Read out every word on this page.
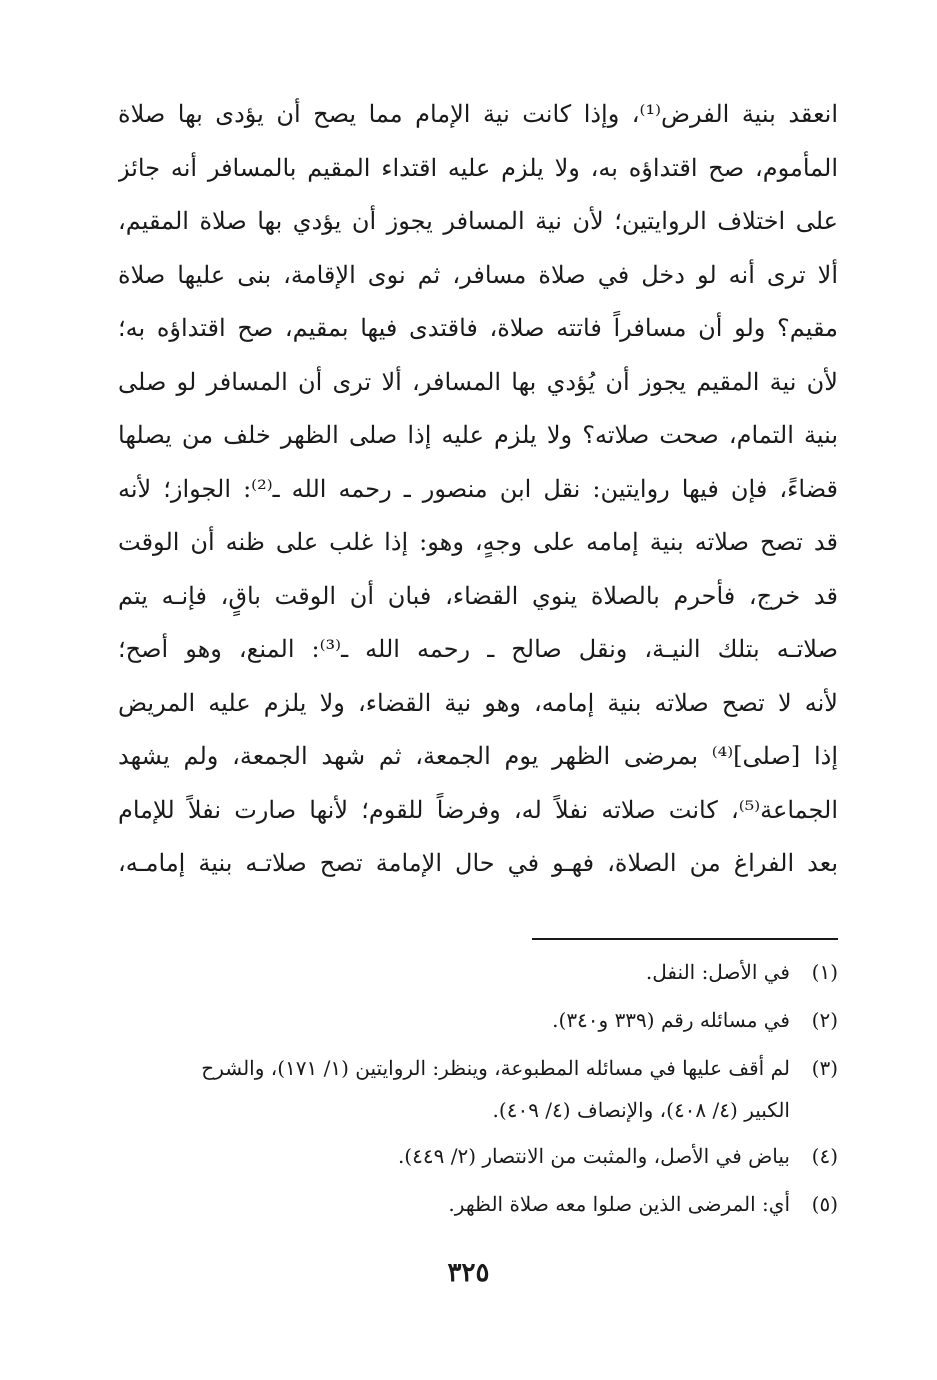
انعقد بنية الفرض⁽¹⁾، وإذا كانت نية الإمام مما يصح أن يؤدى بها صلاة
المأموم، صح اقتداؤه به، ولا يلزم عليه اقتداء المقيم بالمسافر أنه جائز
على اختلاف الروايتين؛ لأن نية المسافر يجوز أن يؤدي بها صلاة المقيم،
ألا ترى أنه لو دخل في صلاة مسافر، ثم نوى الإقامة، بنى عليها صلاة
مقيم؟ ولو أن مسافراً فاتته صلاة، فاقتدى فيها بمقيم، صح اقتداؤه به؛
لأن نية المقيم يجوز أن يُؤدي بها المسافر، ألا ترى أن المسافر لو صلى
بنية التمام، صحت صلاته؟ ولا يلزم عليه إذا صلى الظهر خلف من يصلها
قضاءً، فإن فيها روايتين: نقل ابن منصور ـ رحمه الله ـ⁽²⁾: الجواز؛ لأنه
قد تصح صلاته بنية إمامه على وجهٍ، وهو: إذا غلب على ظنه أن الوقت
قد خرج، فأحرم بالصلاة ينوي القضاء، فبان أن الوقت باقٍ، فإنـه يتم
صلاتـه بتلك النيـة، ونقل صالح ـ رحمه الله ـ⁽³⁾: المنع، وهو أصح؛
لأنه لا تصح صلاته بنية إمامه، وهو نية القضاء، ولا يلزم عليه المريض
إذا [صلى]⁽⁴⁾ بمرضى الظهر يوم الجمعة، ثم شهد الجمعة، ولم يشهد
الجماعة⁽⁵⁾، كانت صلاته نفلاً له، وفرضاً للقوم؛ لأنها صارت نفلاً للإمام
بعد الفراغ من الصلاة، فهـو في حال الإمامة تصح صلاتـه بنية إمامـه،
(١)
في الأصل: النفل.
(٢)
في مسائله رقم (٣٣٩ و٣٤٠).
(٣)
لم أقف عليها في مسائله المطبوعة، وينظر: الروايتين (١/ ١٧١)، والشرح
الكبير (٤/ ٤٠٨)، والإنصاف (٤/ ٤٠٩).
(٤)
بياض في الأصل، والمثبت من الانتصار (٢/ ٤٤٩).
(٥)
أي: المرضى الذين صلوا معه صلاة الظهر.
٣٢٥
